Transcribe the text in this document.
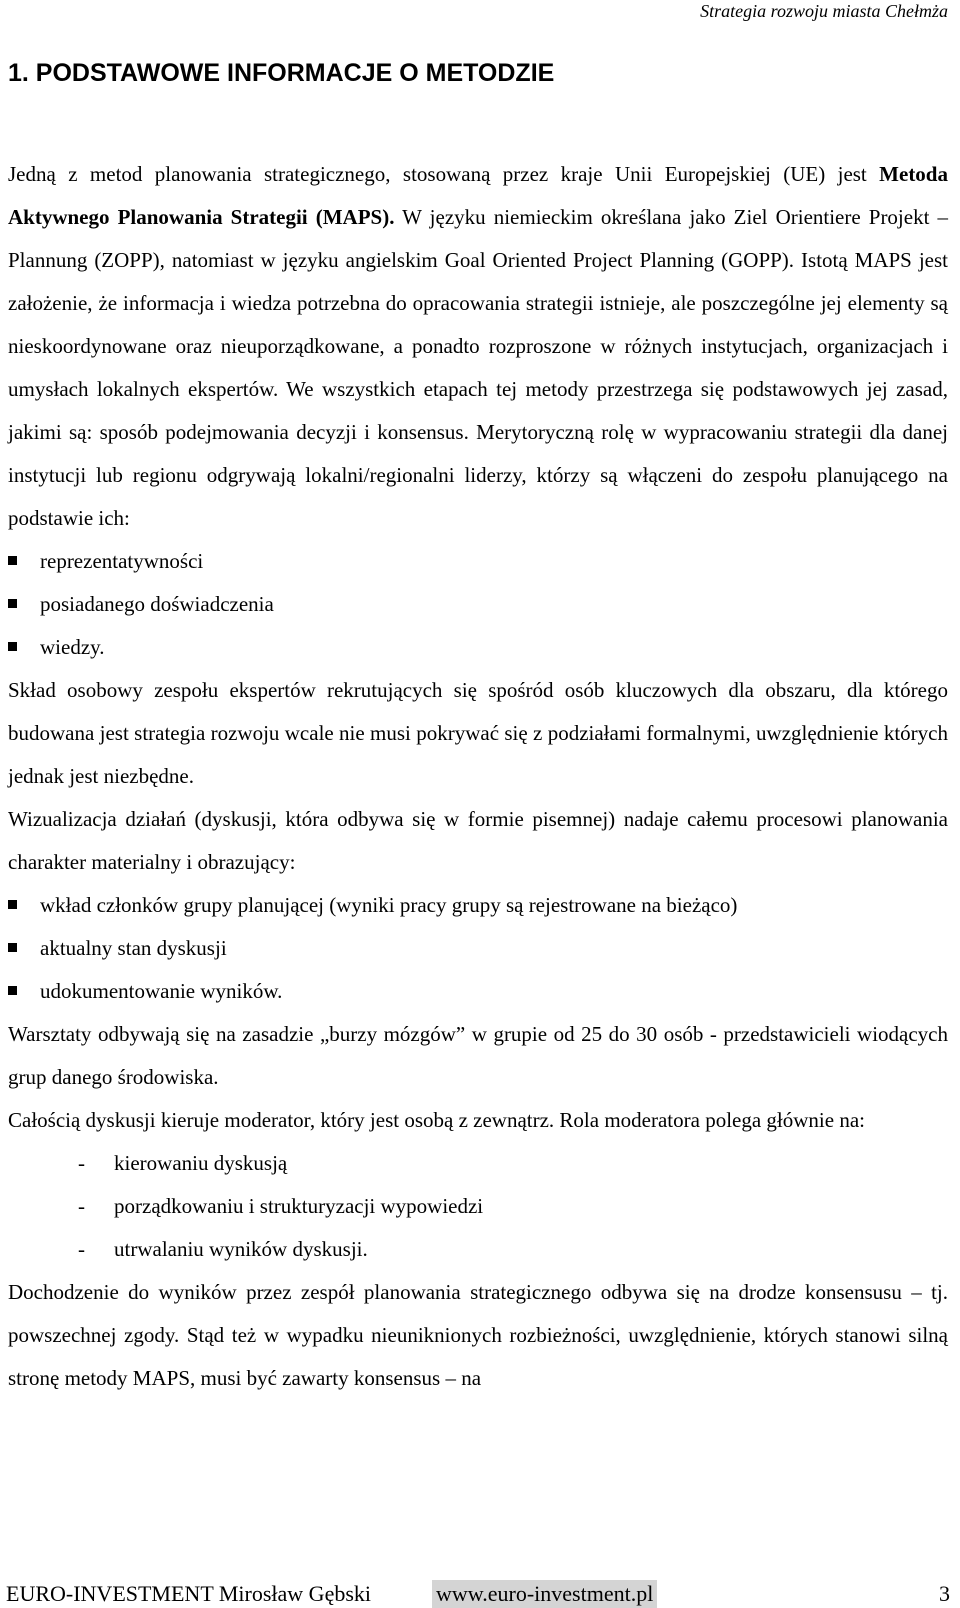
Strategia rozwoju miasta Chełmża
1. PODSTAWOWE INFORMACJE O METODZIE

Jedną z metod planowania strategicznego, stosowaną przez kraje Unii Europejskiej (UE) jest Metoda Aktywnego Planowania Strategii (MAPS). W języku niemieckim określana jako Ziel Orientiere Projekt – Plannung (ZOPP), natomiast w języku angielskim Goal Oriented Project Planning (GOPP). Istotą MAPS jest założenie, że informacja i wiedza potrzebna do opracowania strategii istnieje, ale poszczególne jej elementy są nieskoordynowane oraz nieuporządkowane, a ponadto rozproszone w różnych instytucjach, organizacjach i umysłach lokalnych ekspertów. We wszystkich etapach tej metody przestrzega się podstawowych jej zasad, jakimi są: sposób podejmowania decyzji i konsensus. Merytoryczną rolę w wypracowaniu strategii dla danej instytucji lub regionu odgrywają lokalni/regionalni liderzy, którzy są włączeni do zespołu planującego na podstawie ich:

reprezentatywności
posiadanego doświadczenia
wiedzy.

Skład osobowy zespołu ekspertów rekrutujących się spośród osób kluczowych dla obszaru, dla którego budowana jest strategia rozwoju wcale nie musi pokrywać się z podziałami formalnymi, uwzględnienie których jednak jest niezbędne.

Wizualizacja działań (dyskusji, która odbywa się w formie pisemnej) nadaje całemu procesowi planowania charakter materialny i obrazujący:

wkład członków grupy planującej (wyniki pracy grupy są rejestrowane na bieżąco)
aktualny stan dyskusji
udokumentowanie wyników.

Warsztaty odbywają się na zasadzie „burzy mózgów” w grupie od 25 do 30 osób - przedstawicieli wiodących grup danego środowiska.

Całością dyskusji kieruje moderator, który jest osobą z zewnątrz. Rola moderatora polega głównie na:

- kierowaniu dyskusją
- porządkowaniu i strukturyzacji wypowiedzi
- utrwalaniu wyników dyskusji.

Dochodzenie do wyników przez zespół planowania strategicznego odbywa się na drodze konsensusu – tj. powszechnej zgody. Stąd też w wypadku nieuniknionych rozbieżności, uwzględnienie, których stanowi silną stronę metody MAPS, musi być zawarty konsensus – na

EURO-INVESTMENT Mirosław Gębski	www.euro-investment.pl	3
